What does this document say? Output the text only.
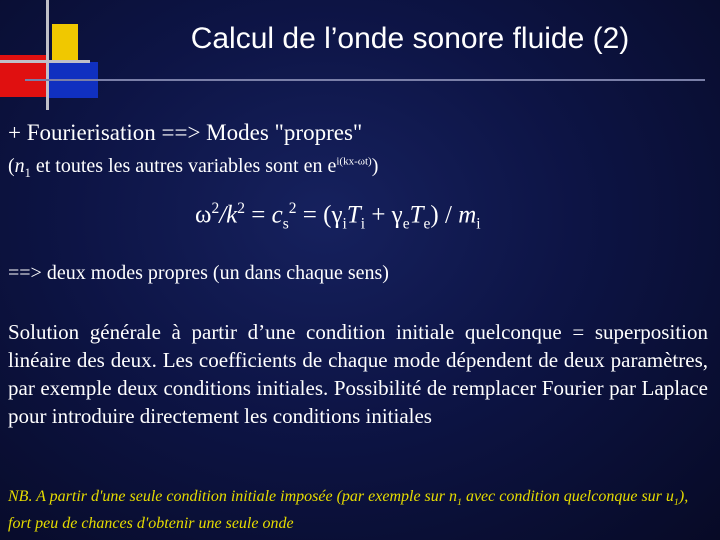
Calcul de l’onde sonore fluide (2)
+ Fourierisation ==> Modes "propres"
($n_1$ et toutes les autres variables sont en $e^{i(kx-\omega t)}$)
$\omega^2/k^2 = c_s^2 = (\gamma_iT_i + \gamma_eT_e) / m_i$
==> deux modes propres (un dans chaque sens)
Solution générale à partir d’une condition initiale quelconque = superposition linéaire des deux. Les coefficients de chaque mode dépendent de deux paramètres, par exemple deux conditions initiales. Possibilité de remplacer Fourier par Laplace pour introduire directement les conditions initiales
NB. A partir d'une seule condition initiale imposée (par exemple sur $n_1$ avec condition quelconque sur $u_1$), fort peu de chances d'obtenir une seule onde
